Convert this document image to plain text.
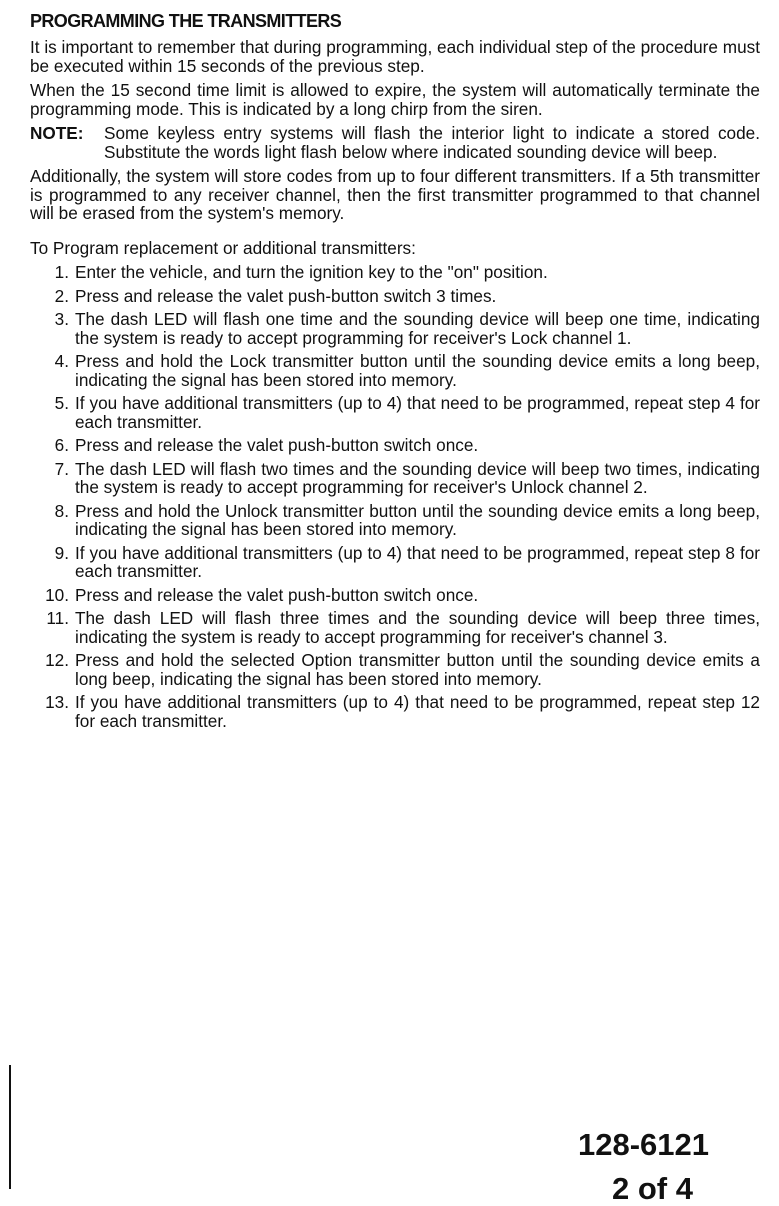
PROGRAMMING THE TRANSMITTERS

It is important to remember that during programming, each individual step of the procedure must be executed within 15 seconds of the previous step.

When the 15 second time limit is allowed to expire, the system will automatically terminate the programming mode. This is indicated by a long chirp from the siren.

NOTE:	Some keyless entry systems will flash the interior light to indicate a stored code. Substitute the words light flash below where indicated sounding device will beep.

Additionally, the system will store codes from up to four different transmitters. If a 5th transmitter is programmed to any receiver channel, then the first transmitter programmed to that channel will be erased from the system's memory.

To Program replacement or additional transmitters:

1. Enter the vehicle, and turn the ignition key to the "on" position.
2. Press and release the valet push-button switch 3 times.
3. The dash LED will flash one time and the sounding device will beep one time, indicating the system is ready to accept programming for receiver's Lock channel 1.
4. Press and hold the Lock transmitter button until the sounding device emits a long beep, indicating the signal has been stored into memory.
5. If you have additional transmitters (up to 4) that need to be programmed, repeat step 4 for each transmitter.
6. Press and release the valet push-button switch once.
7. The dash LED will flash two times and the sounding device will beep two times, indicating the system is ready to accept programming for receiver's Unlock channel 2.
8. Press and hold the Unlock transmitter button until the sounding device emits a long beep, indicating the signal has been stored into memory.
9. If you have additional transmitters (up to 4) that need to be programmed, repeat step 8 for each transmitter.
10. Press and release the valet push-button switch once.
11. The dash LED will flash three times and the sounding device will beep three times, indicating the system is ready to accept programming for receiver's channel 3.
12. Press and hold the selected Option transmitter button until the sounding device emits a long beep, indicating the signal has been stored into memory.
13. If you have additional transmitters (up to 4) that need to be programmed, repeat step 12 for each transmitter.
128-6121
2 of 4
